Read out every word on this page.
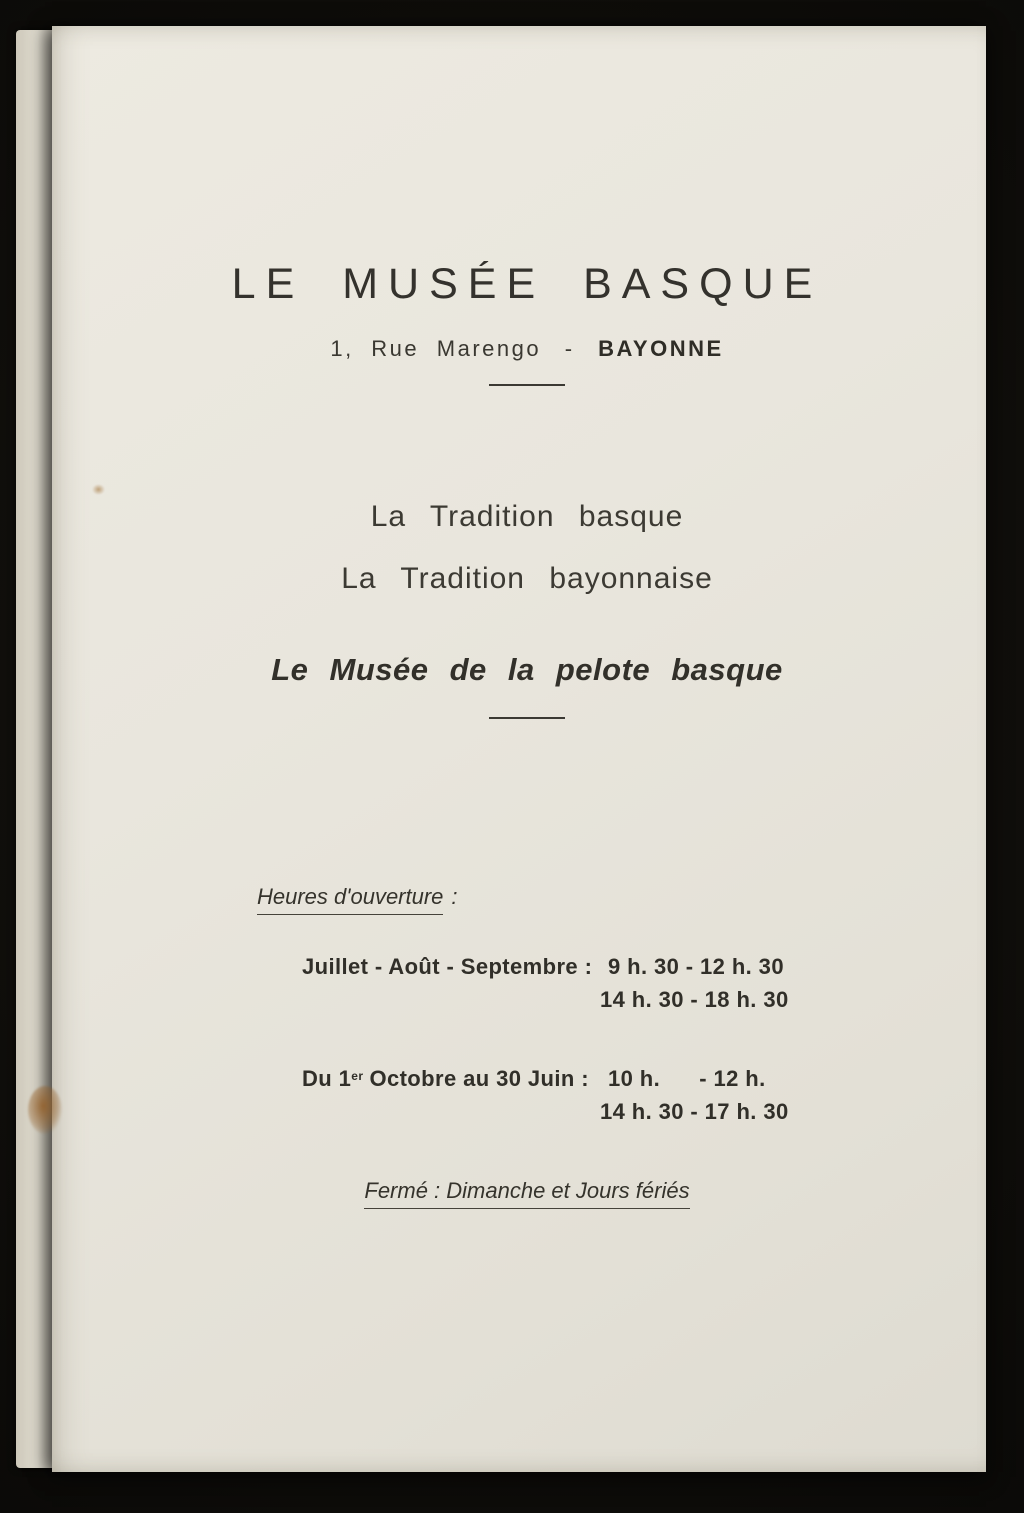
LE MUSÉE BASQUE
1, Rue Marengo - BAYONNE
La Tradition basque
La Tradition bayonnaise
Le Musée de la pelote basque
Heures d'ouverture :
Juillet - Août - Septembre : 9 h. 30 - 12 h. 30
14 h. 30 - 18 h. 30
Du 1er Octobre au 30 Juin : 10 h.      - 12 h.
14 h. 30 - 17 h. 30
Fermé : Dimanche et Jours fériés
